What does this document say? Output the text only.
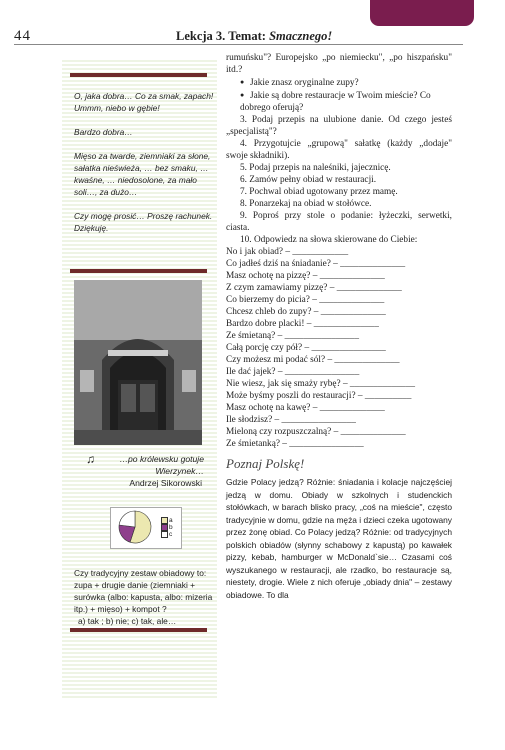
44	Lekcja 3. Temat: Smacznego!

O, jaka dobra… Co za smak, zapach! Ummm, niebo w gębie!

Bardzo dobra…

Mięso za twarde, ziemniaki za słone, sałatka nieświeża, … bez smaku, … kwaśne, … niedosolone, za mało soli…, za dużo…

Czy mogę prosić… Proszę rachunek. Dziękuję.

♫	…po królewsku gotuje Wierzynek…
Andrzej Sikorowski
a
b
c
Czy tradycyjny zestaw obiadowy to: zupa + drugie danie (ziemniaki + surówka (albo: kapusta, albo: mizeria itp.) + mięso) + kompot ?
a) tak ; b) nie; c) tak, ale…

rumuńsku"? Europejsko „po niemiecku", „po hiszpańsku" itd.?

● Jakie znasz oryginalne zupy?

● Jakie są dobre restauracje w Twoim mieście? Co dobrego oferują?

3. Podaj przepis na ulubione danie. Od czego jesteś „specjalistą"?

4. Przygotujcie „grupową" sałatkę (każdy „dodaje" swoje składniki).

5. Podaj przepis na naleśniki, jajecznicę.

6. Zamów pełny obiad w restauracji.

7. Pochwal obiad ugotowany przez mamę.

8. Ponarzekaj na obiad w stołówce.

9. Poproś przy stole o podanie: łyżeczki, serwetki, ciasta.

10. Odpowiedz na słowa skierowane do Ciebie:

No i jak obiad? – ____________

Co jadłeś dziś na śniadanie? – ______________

Masz ochotę na pizzę? – ______________

Z czym zamawiamy pizzę? – ______________

Co bierzemy do picia? – ______________

Chcesz chleb do zupy? – ______________

Bardzo dobre placki! – ______________

Ze śmietaną? – ________________

Całą porcję czy pół? – ________________

Czy możesz mi podać sól? – ______________

Ile dać jajek? – ________________

Nie wiesz, jak się smaży rybę? – ______________

Może byśmy poszli do restauracji? – __________

Masz ochotę na kawę? – ______________

Ile słodzisz? – ________________

Mieloną czy rozpuszczalną? – ______________

Ze śmietanką? – ________________

Poznaj Polskę!

Gdzie Polacy jedzą? Różnie: śniadania i kolacje najczęściej jedzą w domu. Obiady w szkolnych i studenckich stołówkach, w barach blisko pracy, „coś na mieście", często tradycyjnie w domu, gdzie na męża i dzieci czeka ugotowany przez żonę obiad. Co Polacy jedzą? Różnie: od tradycyjnych polskich obiadów (słynny schabowy z kapustą) po kawałek pizzy, kebab, hamburger w McDonald`sie… Czasami coś wyszukanego w restauracji, ale rzadko, bo restauracje są, niestety, drogie. Wiele z nich oferuje „obiady dnia" – zestawy obiadowe. To dla
